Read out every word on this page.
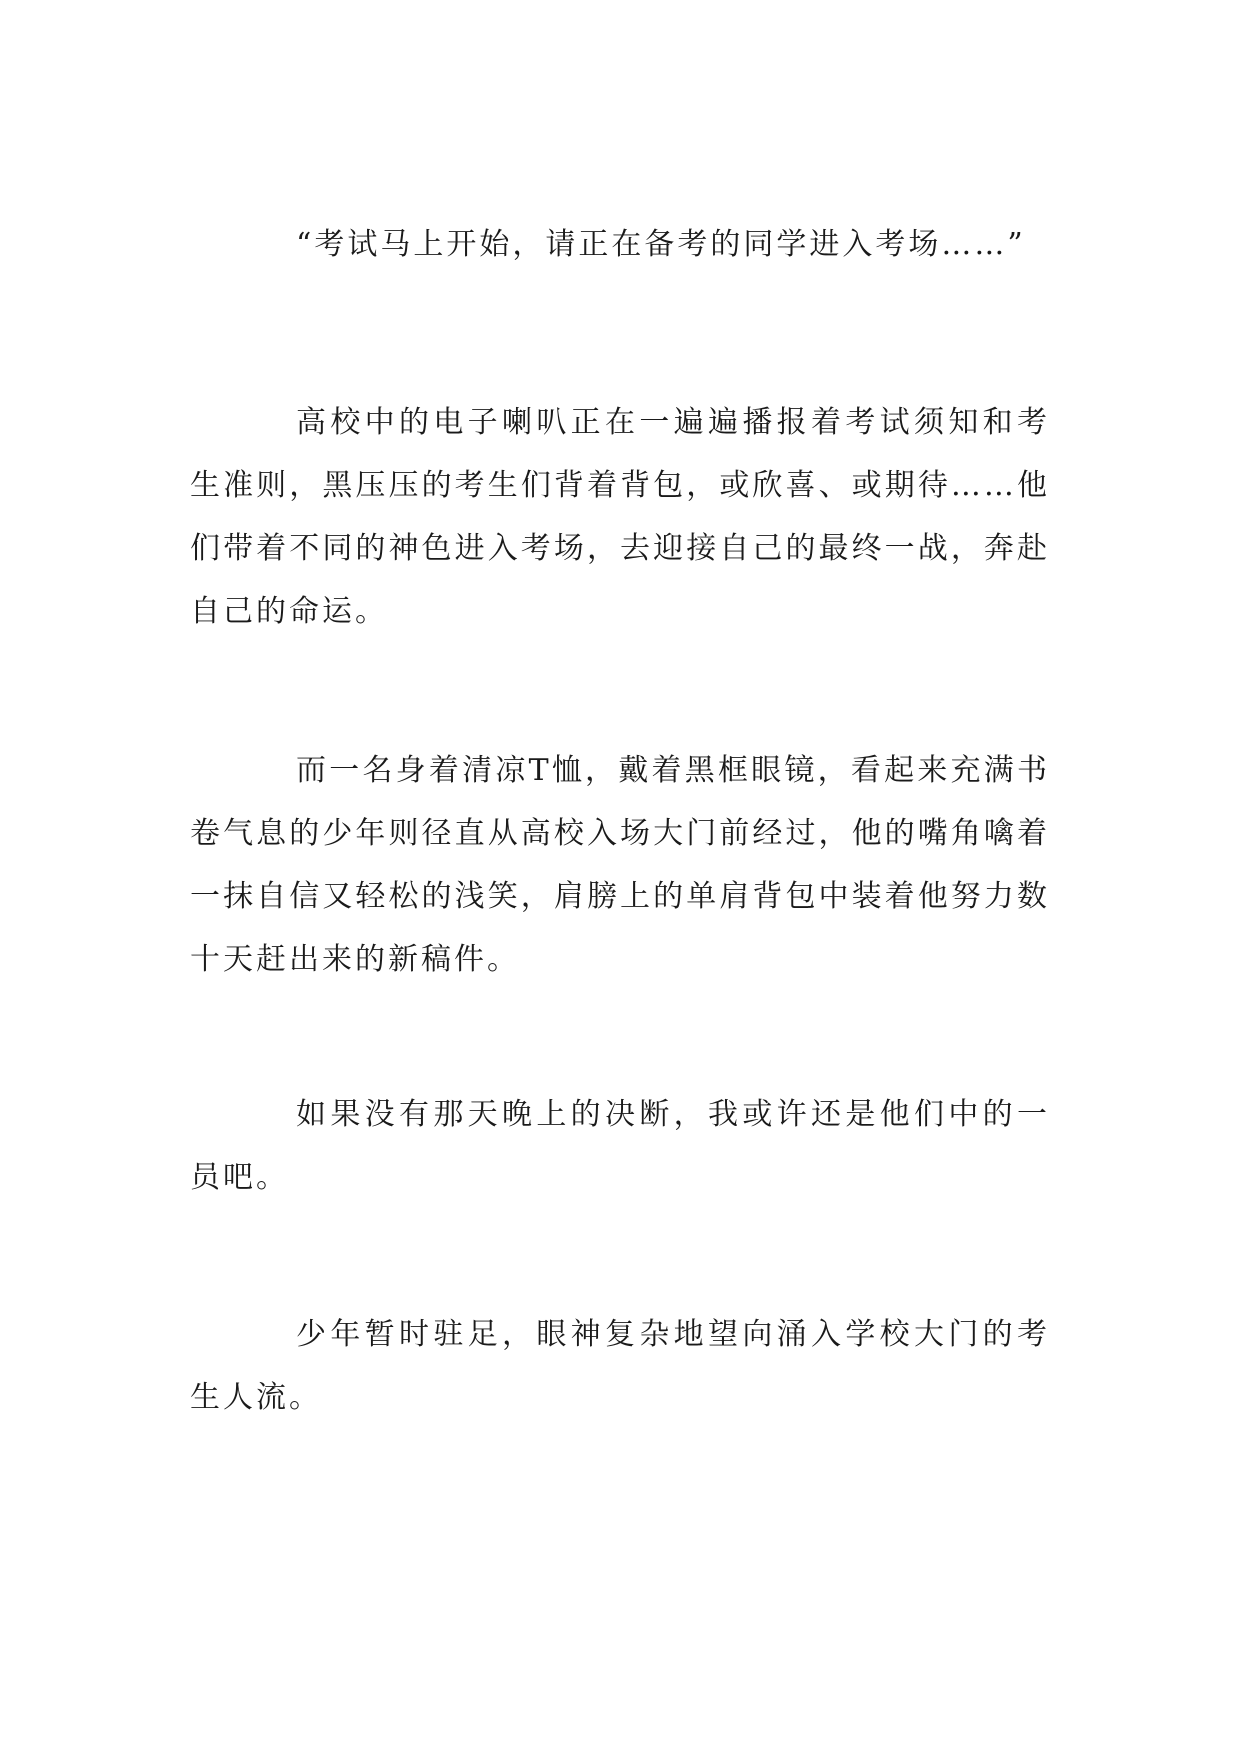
“考试马上开始，请正在备考的同学进入考场……”

高校中的电子喇叭正在一遍遍播报着考试须知和考生准则，黑压压的考生们背着背包，或欣喜、或期待……他们带着不同的神色进入考场，去迎接自己的最终一战，奔赴自己的命运。

而一名身着清凉T恤，戴着黑框眼镜，看起来充满书卷气息的少年则径直从高校入场大门前经过，他的嘴角噙着一抹自信又轻松的浅笑，肩膀上的单肩背包中装着他努力数十天赶出来的新稿件。

如果没有那天晚上的决断，我或许还是他们中的一员吧。

少年暂时驻足，眼神复杂地望向涌入学校大门的考生人流。
